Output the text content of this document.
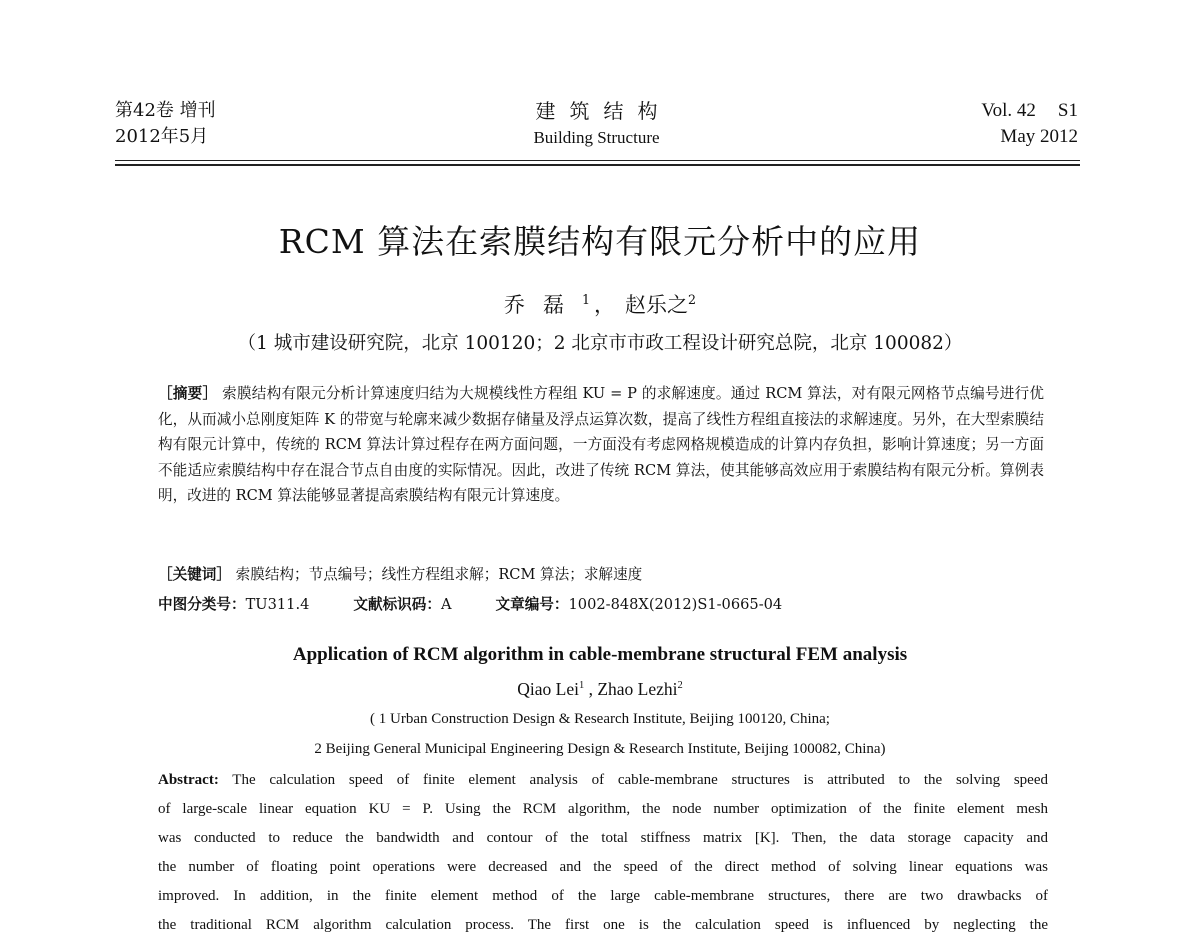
第42卷 增刊
2012年5月
建筑结构
Building Structure
Vol. 42 S1
May 2012
RCM 算法在索膜结构有限元分析中的应用
乔磊$^1$ ， 赵乐之$^2$
（1 城市建设研究院，北京 100120；2 北京市市政工程设计研究总院，北京 100082）
［摘要］ 索膜结构有限元分析计算速度归结为大规模线性方程组 KU = P 的求解速度。通过 RCM 算法，对有限元网格节点编号进行优化，从而减小总刚度矩阵 K 的带宽与轮廓来减少数据存储量及浮点运算次数，提高了线性方程组直接法的求解速度。另外，在大型索膜结构有限元计算中，传统的 RCM 算法计算过程存在两方面问题，一方面没有考虑网格规模造成的计算内存负担，影响计算速度；另一方面不能适应索膜结构中存在混合节点自由度的实际情况。因此，改进了传统 RCM 算法，使其能够高效应用于索膜结构有限元分析。算例表明，改进的 RCM 算法能够显著提高索膜结构有限元计算速度。
［关键词］ 索膜结构；节点编号；线性方程组求解；RCM 算法；求解速度
中图分类号：TU311.4	文献标识码：A	文章编号：1002-848X(2012)S1-0665-04
Application of RCM algorithm in cable-membrane structural FEM analysis
Qiao Lei$^1$ , Zhao Lezhi$^2$
( 1 Urban Construction Design & Research Institute, Beijing 100120, China;
2 Beijing General Municipal Engineering Design & Research Institute, Beijing 100082, China)
Abstract: The calculation speed of finite element analysis of cable-membrane structures is attributed to the solving speed
of large-scale linear equation KU = P. Using the RCM algorithm, the node number optimization of the finite element mesh
was conducted to reduce the bandwidth and contour of the total stiffness matrix [K]. Then, the data storage capacity and
the number of floating point operations were decreased and the speed of the direct method of solving linear equations was
improved. In addition, in the finite element method of the large cable-membrane structures, there are two drawbacks of
the traditional RCM algorithm calculation process. The first one is the calculation speed is influenced by neglecting the
